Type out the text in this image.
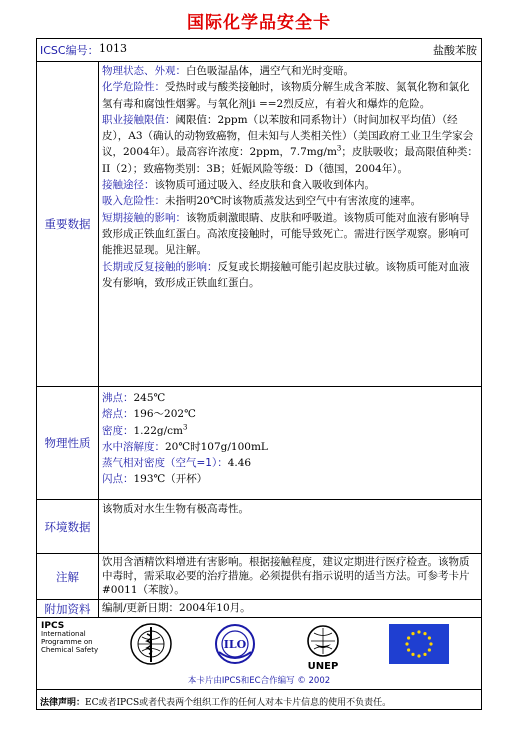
国际化学品安全卡
ICSC编号： 1013	盐酸苯胺
重要数据

物理状态、外观：白色吸湿晶体，遇空气和光时变暗。

化学危险性：受热时或与酸类接触时，该物质分解生成含苯胺、氮氧化物和氯化氢有毒和腐蚀性烟雾。与氧化剂ji ==2烈反应，有着火和爆炸的危险。

职业接触限值：阈限值：2ppm（以苯胺和同系物计）（时间加权平均值）（经皮），A3（确认的动物致癌物，但未知与人类相关性）（美国政府工业卫生学家会议，2004年）。最高容许浓度：2ppm，$7.7mg/m^3$；皮肤吸收；最高限值种类：II（2）；致癌物类别：3B；妊娠风险等级：D（德国，2004年）。

接触途径：该物质可通过吸入、经皮肤和食入吸收到体内。

吸入危险性：未指明20℃时该物质蒸发达到空气中有害浓度的速率。

短期接触的影响：该物质刺激眼睛、皮肤和呼吸道。该物质可能对血液有影响导致形成正铁血红蛋白。高浓度接触时，可能导致死亡。需进行医学观察。影响可能推迟显现。见注解。

长期或反复接触的影响：反复或长期接触可能引起皮肤过敏。该物质可能对血液发有影响，致形成正铁血红蛋白。

物理性质

沸点：245℃

熔点：196～202℃

密度：$1.22g/cm^3$

水中溶解度：20℃时107g/100mL

蒸气相对密度（空气=1）：4.46

闪点：193℃（开杯）

环境数据

该物质对水生生物有极高毒性。

注解

饮用含酒精饮料增进有害影响。根据接触程度，建议定期进行医疗检查。该物质中毒时，需采取必要的治疗措施。必须提供有指示说明的适当方法。可参考卡片#0011（苯胺）。

附加资料	编制/更新日期：2004年10月。

IPCS
International
Programme on
Chemical Safety	ILO
UNEP
本卡片由IPCS和EC合作编写 © 2002
法律声明：EC或者IPCS或者代表两个组织工作的任何人对本卡片信息的使用不负责任。
